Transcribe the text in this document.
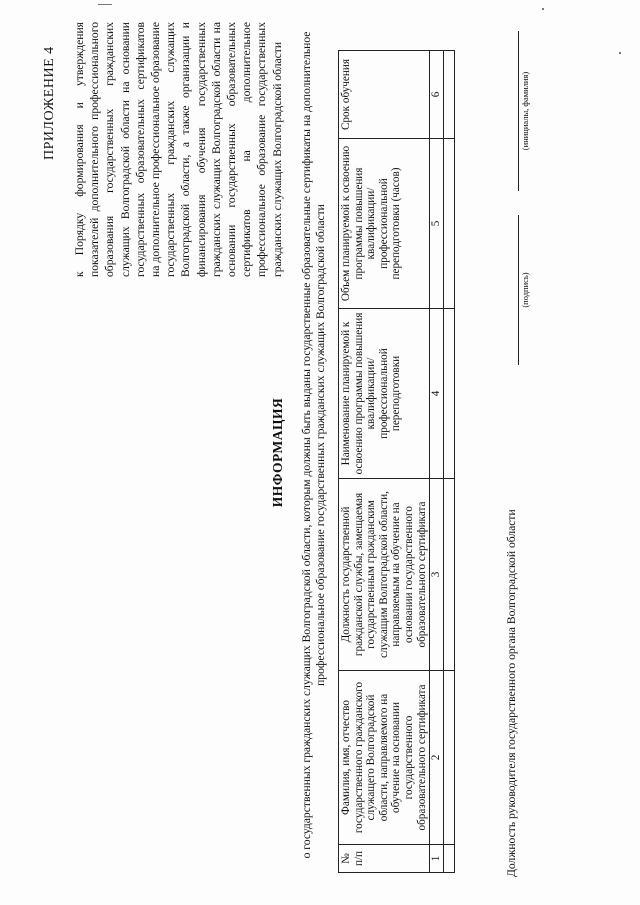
ПРИЛОЖЕНИЕ 4 к Порядку формирования и утверждения показателей дополнительного профессионального образования государственных гражданских служащих Волгоградской области на основании государственных образовательных сертификатов на дополнительное профессиональное образование государственных гражданских служащих Волгоградской области, а также организации и финансирования обучения государственных гражданских служащих Волгоградской области на основании государственных образовательных сертификатов на дополнительное профессиональное образование государственных гражданских служащих Волгоградской области
ИНФОРМАЦИЯ о государственных гражданских служащих Волгоградской области, которым должны быть выданы государственные образовательные сертификаты на дополнительное профессиональное образование государственных гражданских служащих Волгоградской области
№ п/п	Фамилия, имя, отчество государственного гражданского служащего Волгоградской области, направляемого на обучение на основании государственного образовательного сертификата	Должность государственной гражданской службы, замещаемая государственным гражданским служащим Волгоградской области, направляемым на обучение на основании государственного образовательного сертификата	Наименование планируемой к освоению программы повышения квалификации/ профессиональной переподготовки	Объем планируемой к освоению программы повышения квалификации/ профессиональной переподготовки (часов)	Срок обучения
1	2	3	4	5	6

Должность руководителя государственного органа Волгоградской области
(подпись)
(инициалы, фамилия)
